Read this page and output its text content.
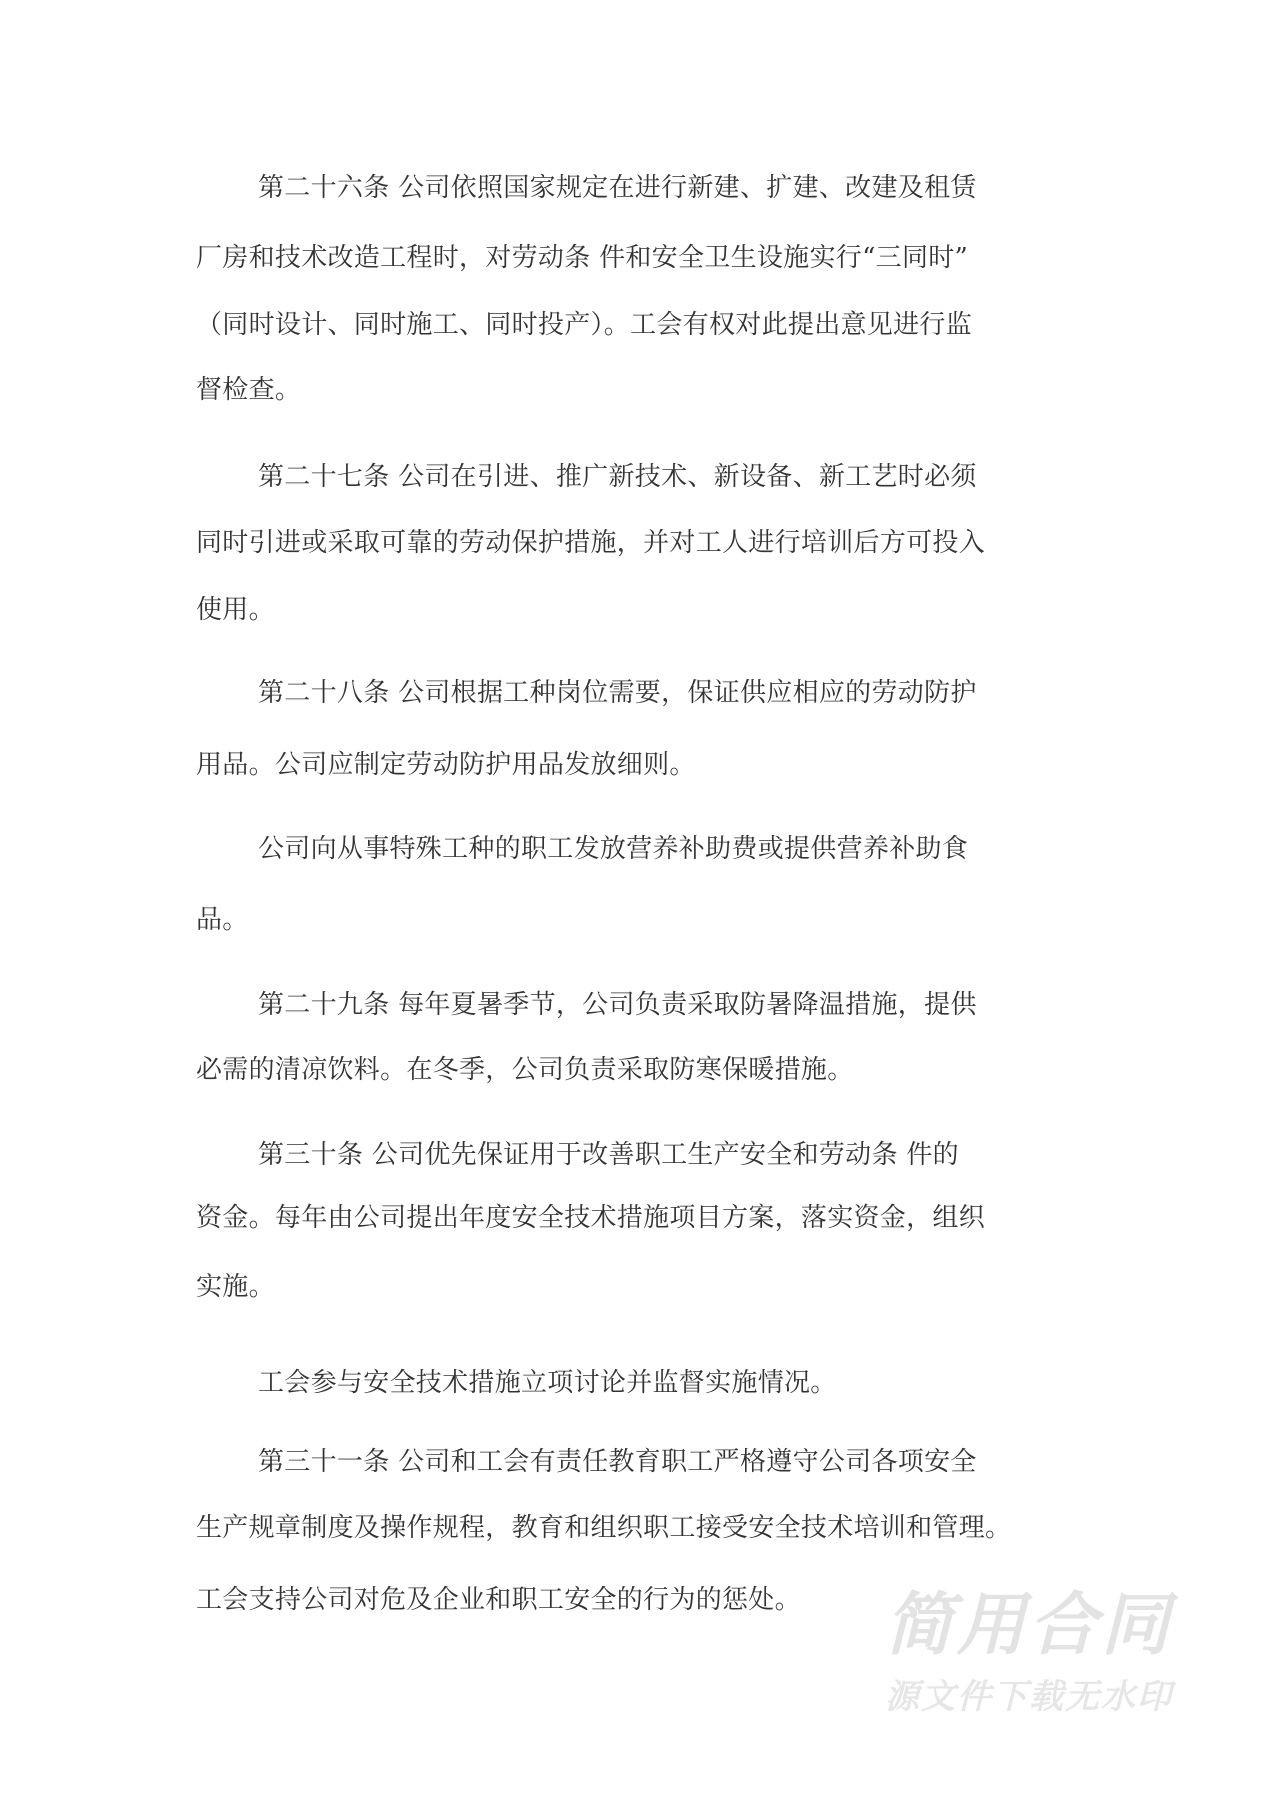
第二十六条 公司依照国家规定在进行新建、扩建、改建及租赁
厂房和技术改造工程时，对劳动条 件和安全卫生设施实行“三同时”
（同时设计、同时施工、同时投产）。工会有权对此提出意见进行监
督检查。
第二十七条 公司在引进、推广新技术、新设备、新工艺时必须
同时引进或采取可靠的劳动保护措施，并对工人进行培训后方可投入
使用。
第二十八条 公司根据工种岗位需要，保证供应相应的劳动防护
用品。公司应制定劳动防护用品发放细则。
公司向从事特殊工种的职工发放营养补助费或提供营养补助食
品。
第二十九条 每年夏暑季节，公司负责采取防暑降温措施，提供
必需的清凉饮料。在冬季，公司负责采取防寒保暖措施。
第三十条 公司优先保证用于改善职工生产安全和劳动条 件的
资金。每年由公司提出年度安全技术措施项目方案，落实资金，组织
实施。
工会参与安全技术措施立项讨论并监督实施情况。
第三十一条 公司和工会有责任教育职工严格遵守公司各项安全
生产规章制度及操作规程，教育和组织职工接受安全技术培训和管理。
工会支持公司对危及企业和职工安全的行为的惩处。	简用合同
源文件下载无水印
